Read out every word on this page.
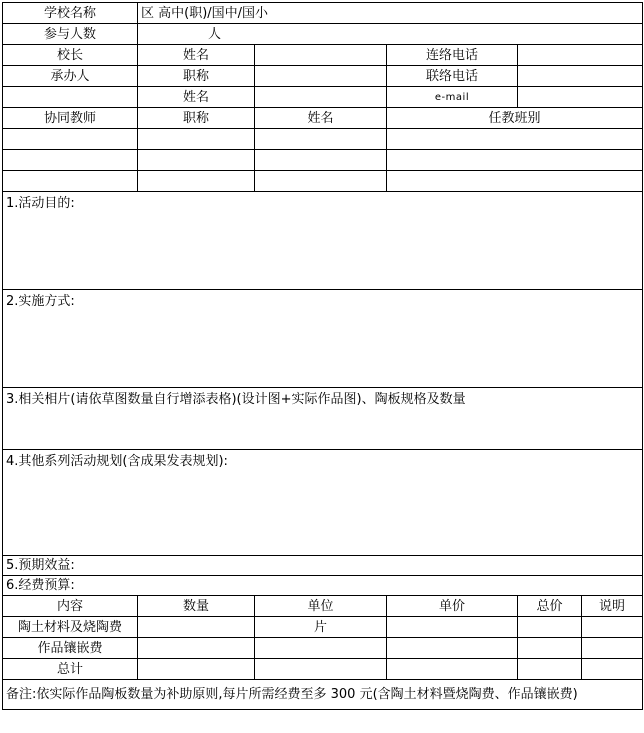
学校名称	区 高中(职)/国中/国小				
参与人数	人				
校长	姓名		连络电话		
承办人	职称		联络电话		
	姓名		e-mail		
协同教师	职称	姓名	任教班别		

1.活动目的:					
2.实施方式:					
3.相关相片(请依草图数量自行增添表格)(设计图+实际作品图)、陶板规格及数量					
4.其他系列活动规划(含成果发表规划):					
5.预期效益:					
6.经费预算:					
内容	数量	单位	单价	总价	说明
陶土材料及烧陶费		片			
作品镶嵌费					
总计					
备注:依实际作品陶板数量为补助原则,每片所需经费至多 300 元(含陶土材料暨烧陶费、作品镶嵌费)					
